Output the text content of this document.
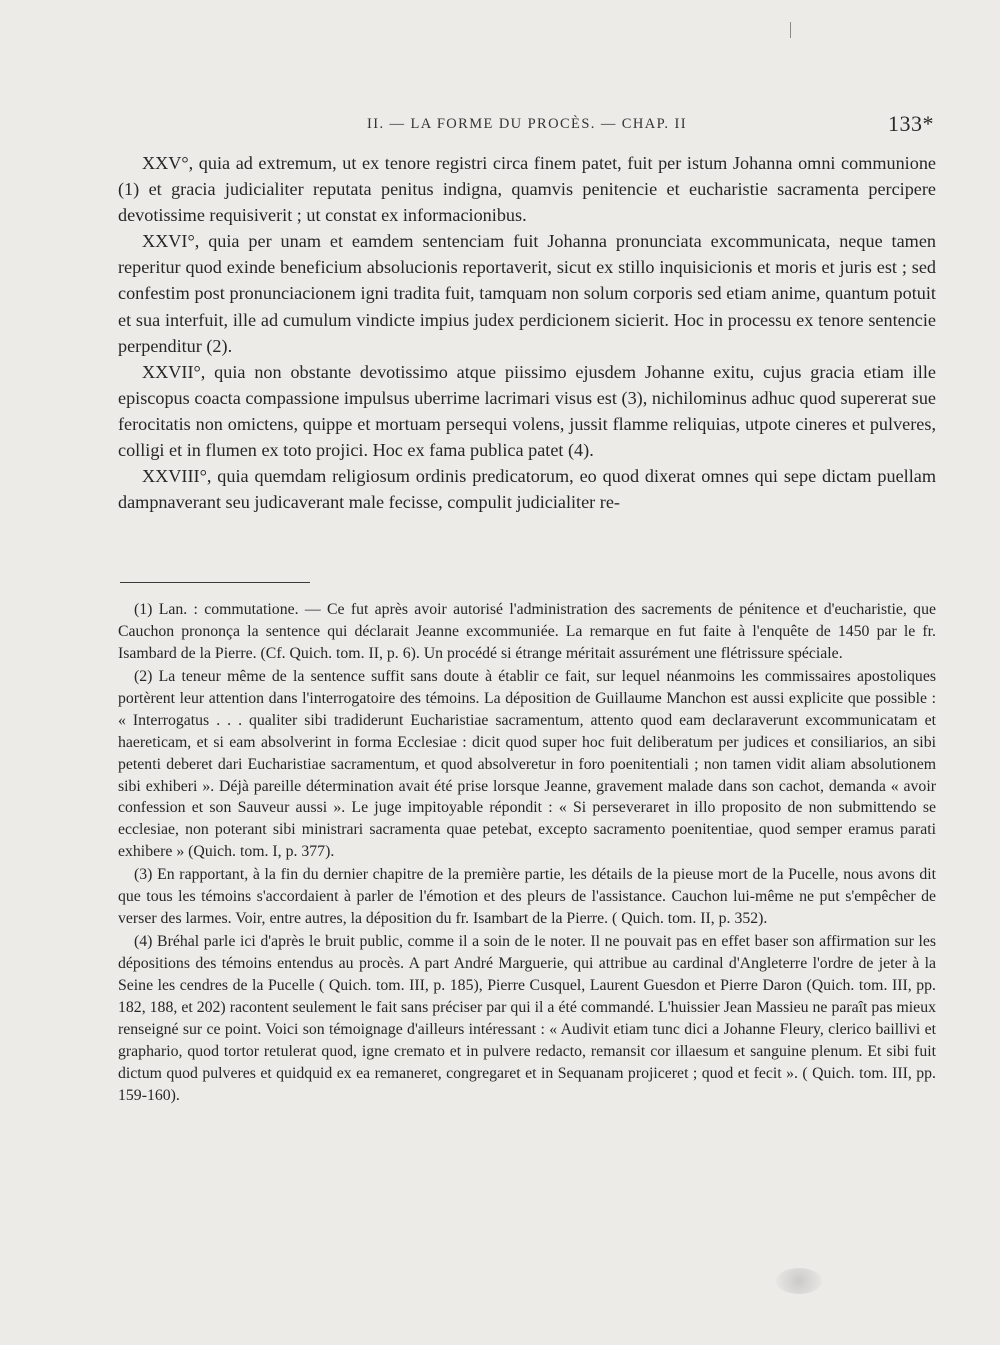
II. — LA FORME DU PROCÈS. — CHAP. II	133*

XXV°, quia ad extremum, ut ex tenore registri circa finem patet, fuit per istum Johanna omni communione (1) et gracia judicialiter reputata penitus indigna, quamvis penitencie et eucharistie sacramenta percipere devotissime requisiverit ; ut constat ex informacionibus.

XXVI°, quia per unam et eamdem sentenciam fuit Johanna pronunciata excommunicata, neque tamen reperitur quod exinde beneficium absolucionis reportaverit, sicut ex stillo inquisicionis et moris et juris est ; sed confestim post pronunciacionem igni tradita fuit, tamquam non solum corporis sed etiam anime, quantum potuit et sua interfuit, ille ad cumulum vindicte impius judex perdicionem sicierit. Hoc in processu ex tenore sentencie perpenditur (2).

XXVII°, quia non obstante devotissimo atque piissimo ejusdem Johanne exitu, cujus gracia etiam ille episcopus coacta compassione impulsus uberrime lacrimari visus est (3), nichilominus adhuc quod supererat sue ferocitatis non omictens, quippe et mortuam persequi volens, jussit flamme reliquias, utpote cineres et pulveres, colligi et in flumen ex toto projici. Hoc ex fama publica patet (4).

XXVIII°, quia quemdam religiosum ordinis predicatorum, eo quod dixerat omnes qui sepe dictam puellam dampnaverant seu judicaverant male fecisse, compulit judicialiter re-

(1) Lan. : commutatione. — Ce fut après avoir autorisé l'administration des sacrements de pénitence et d'eucharistie, que Cauchon prononça la sentence qui déclarait Jeanne excommuniée. La remarque en fut faite à l'enquête de 1450 par le fr. Isambard de la Pierre. (Cf. Quich. tom. II, p. 6). Un procédé si étrange méritait assurément une flétrissure spéciale.

(2) La teneur même de la sentence suffit sans doute à établir ce fait, sur lequel néanmoins les commissaires apostoliques portèrent leur attention dans l'interrogatoire des témoins. La déposition de Guillaume Manchon est aussi explicite que possible : « Interrogatus . . . qualiter sibi tradiderunt Eucharistiae sacramentum, attento quod eam declaraverunt excommunicatam et haereticam, et si eam absolverint in forma Ecclesiae : dicit quod super hoc fuit deliberatum per judices et consiliarios, an sibi petenti deberet dari Eucharistiae sacramentum, et quod absolveretur in foro poenitentiali ; non tamen vidit aliam absolutionem sibi exhiberi ». Déjà pareille détermination avait été prise lorsque Jeanne, gravement malade dans son cachot, demanda « avoir confession et son Sauveur aussi ». Le juge impitoyable répondit : « Si perseveraret in illo proposito de non submittendo se ecclesiae, non poterant sibi ministrari sacramenta quae petebat, excepto sacramento poenitentiae, quod semper eramus parati exhibere » (Quich. tom. I, p. 377).

(3) En rapportant, à la fin du dernier chapitre de la première partie, les détails de la pieuse mort de la Pucelle, nous avons dit que tous les témoins s'accordaient à parler de l'émotion et des pleurs de l'assistance. Cauchon lui-même ne put s'empêcher de verser des larmes. Voir, entre autres, la déposition du fr. Isambart de la Pierre. ( Quich. tom. II, p. 352).

(4) Bréhal parle ici d'après le bruit public, comme il a soin de le noter. Il ne pouvait pas en effet baser son affirmation sur les dépositions des témoins entendus au procès. A part André Marguerie, qui attribue au cardinal d'Angleterre l'ordre de jeter à la Seine les cendres de la Pucelle ( Quich. tom. III, p. 185), Pierre Cusquel, Laurent Guesdon et Pierre Daron (Quich. tom. III, pp. 182, 188, et 202) racontent seulement le fait sans préciser par qui il a été commandé. L'huissier Jean Massieu ne paraît pas mieux renseigné sur ce point. Voici son témoignage d'ailleurs intéressant : « Audivit etiam tunc dici a Johanne Fleury, clerico baillivi et graphario, quod tortor retulerat quod, igne cremato et in pulvere redacto, remansit cor illaesum et sanguine plenum. Et sibi fuit dictum quod pulveres et quidquid ex ea remaneret, congregaret et in Sequanam projiceret ; quod et fecit ». ( Quich. tom. III, pp. 159-160).
